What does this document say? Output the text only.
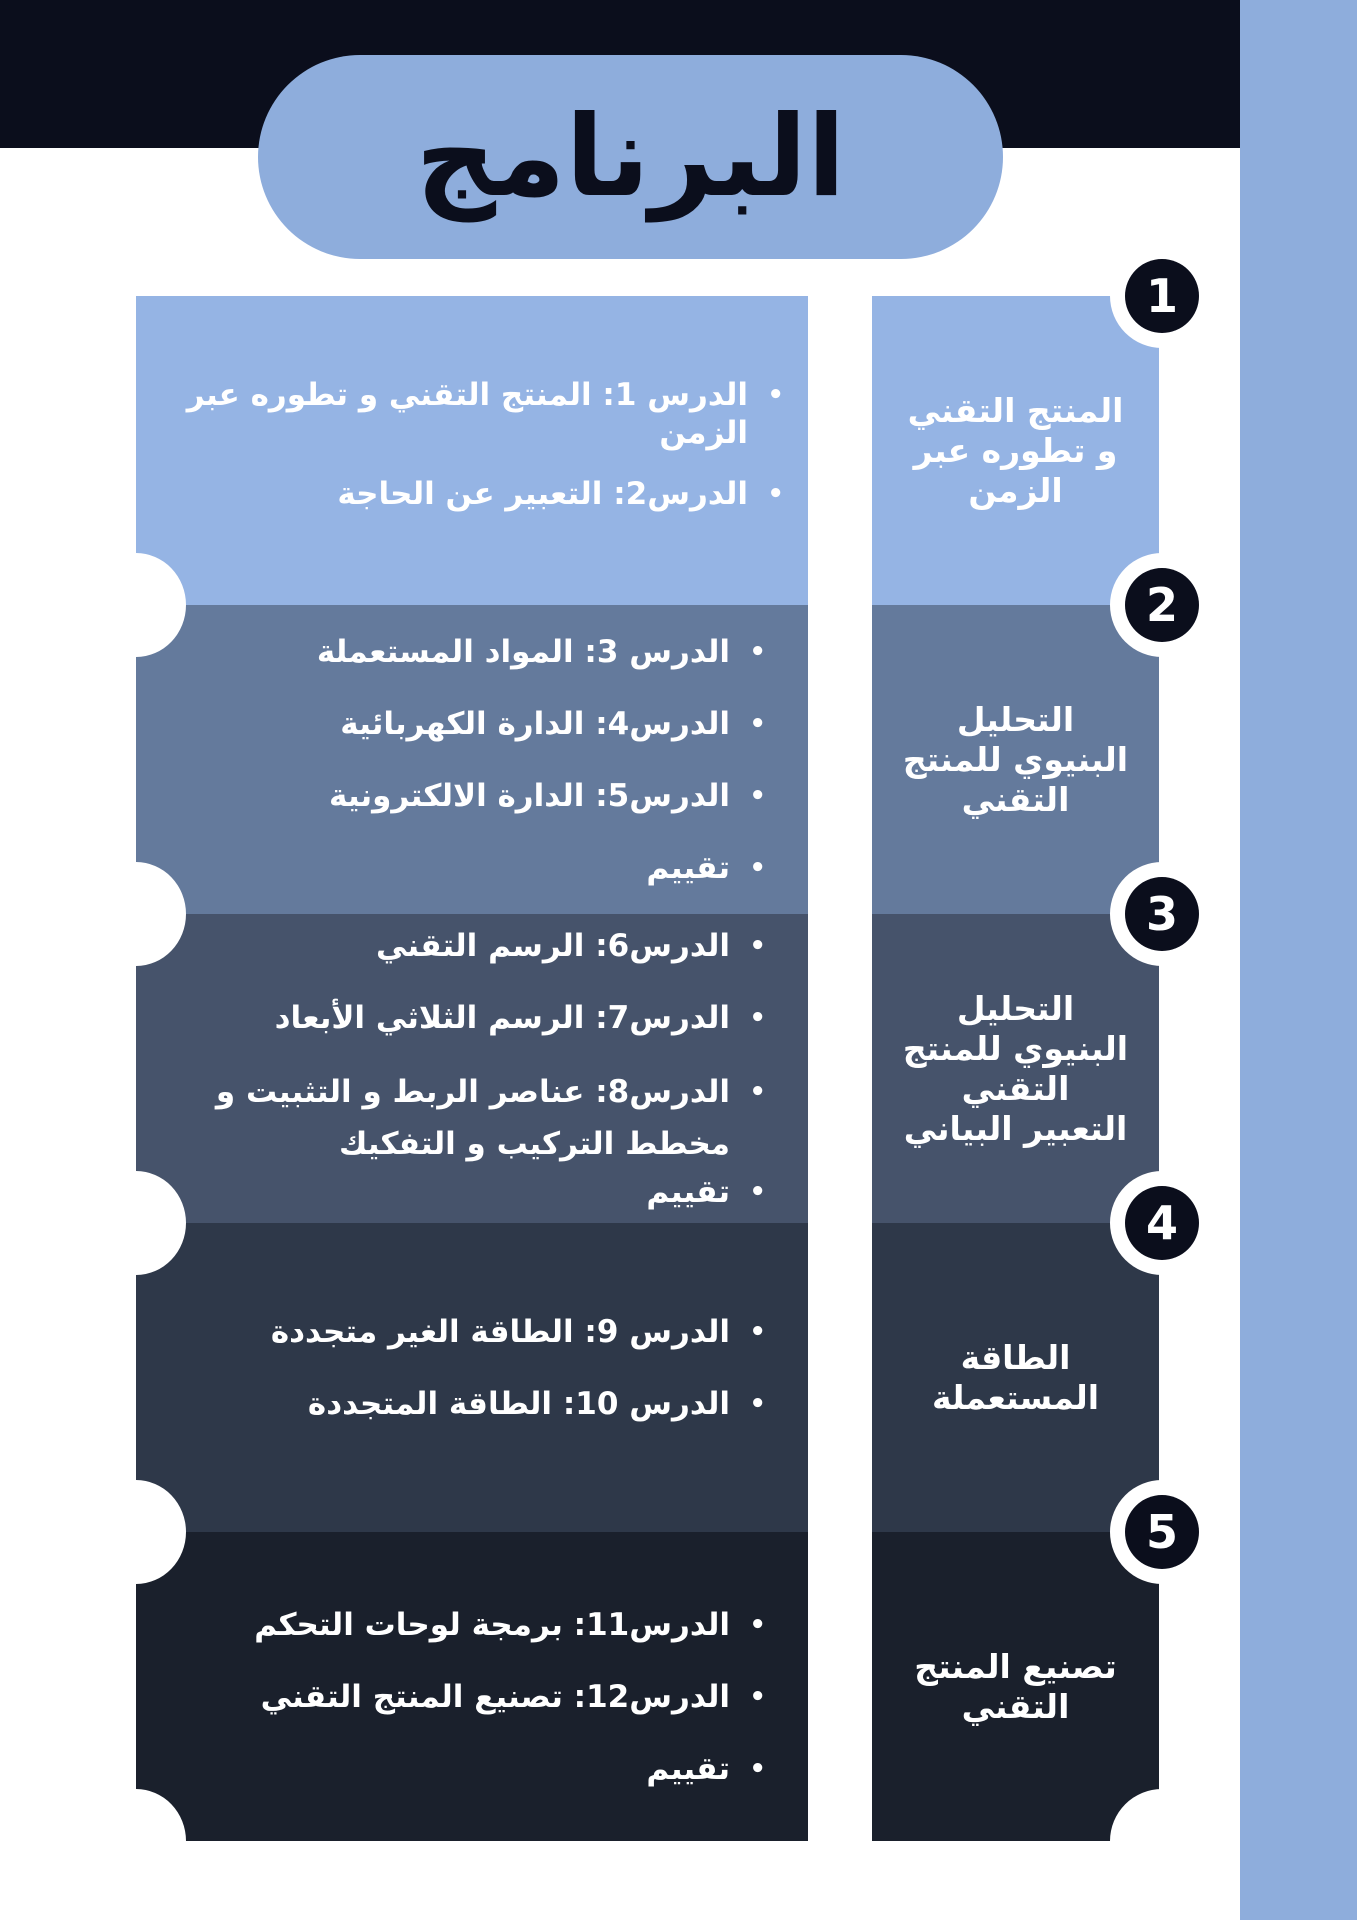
البرنامج
• الدرس 1: المنتج التقني و تطوره عبر الزمن
• الدرس2: التعبير عن الحاجة
المنتج التقني
و تطوره عبر
الزمن
1
• الدرس 3: المواد المستعملة
• الدرس4: الدارة الكهربائية
• الدرس5: الدارة الالكترونية
• تقييم
التحليل
البنيوي للمنتج
التقني
2
• الدرس6: الرسم التقني
• الدرس7: الرسم الثلاثي الأبعاد
• الدرس8: عناصر الربط و التثبيت و مخطط التركيب و التفكيك
• تقييم
التحليل
البنيوي للمنتج
التقني
التعبير البياني
3
• الدرس 9: الطاقة الغير متجددة
• الدرس 10: الطاقة المتجددة
الطاقة
المستعملة
4
• الدرس11: برمجة لوحات التحكم
• الدرس12: تصنيع المنتج التقني
• تقييم
تصنيع المنتج
التقني
5
